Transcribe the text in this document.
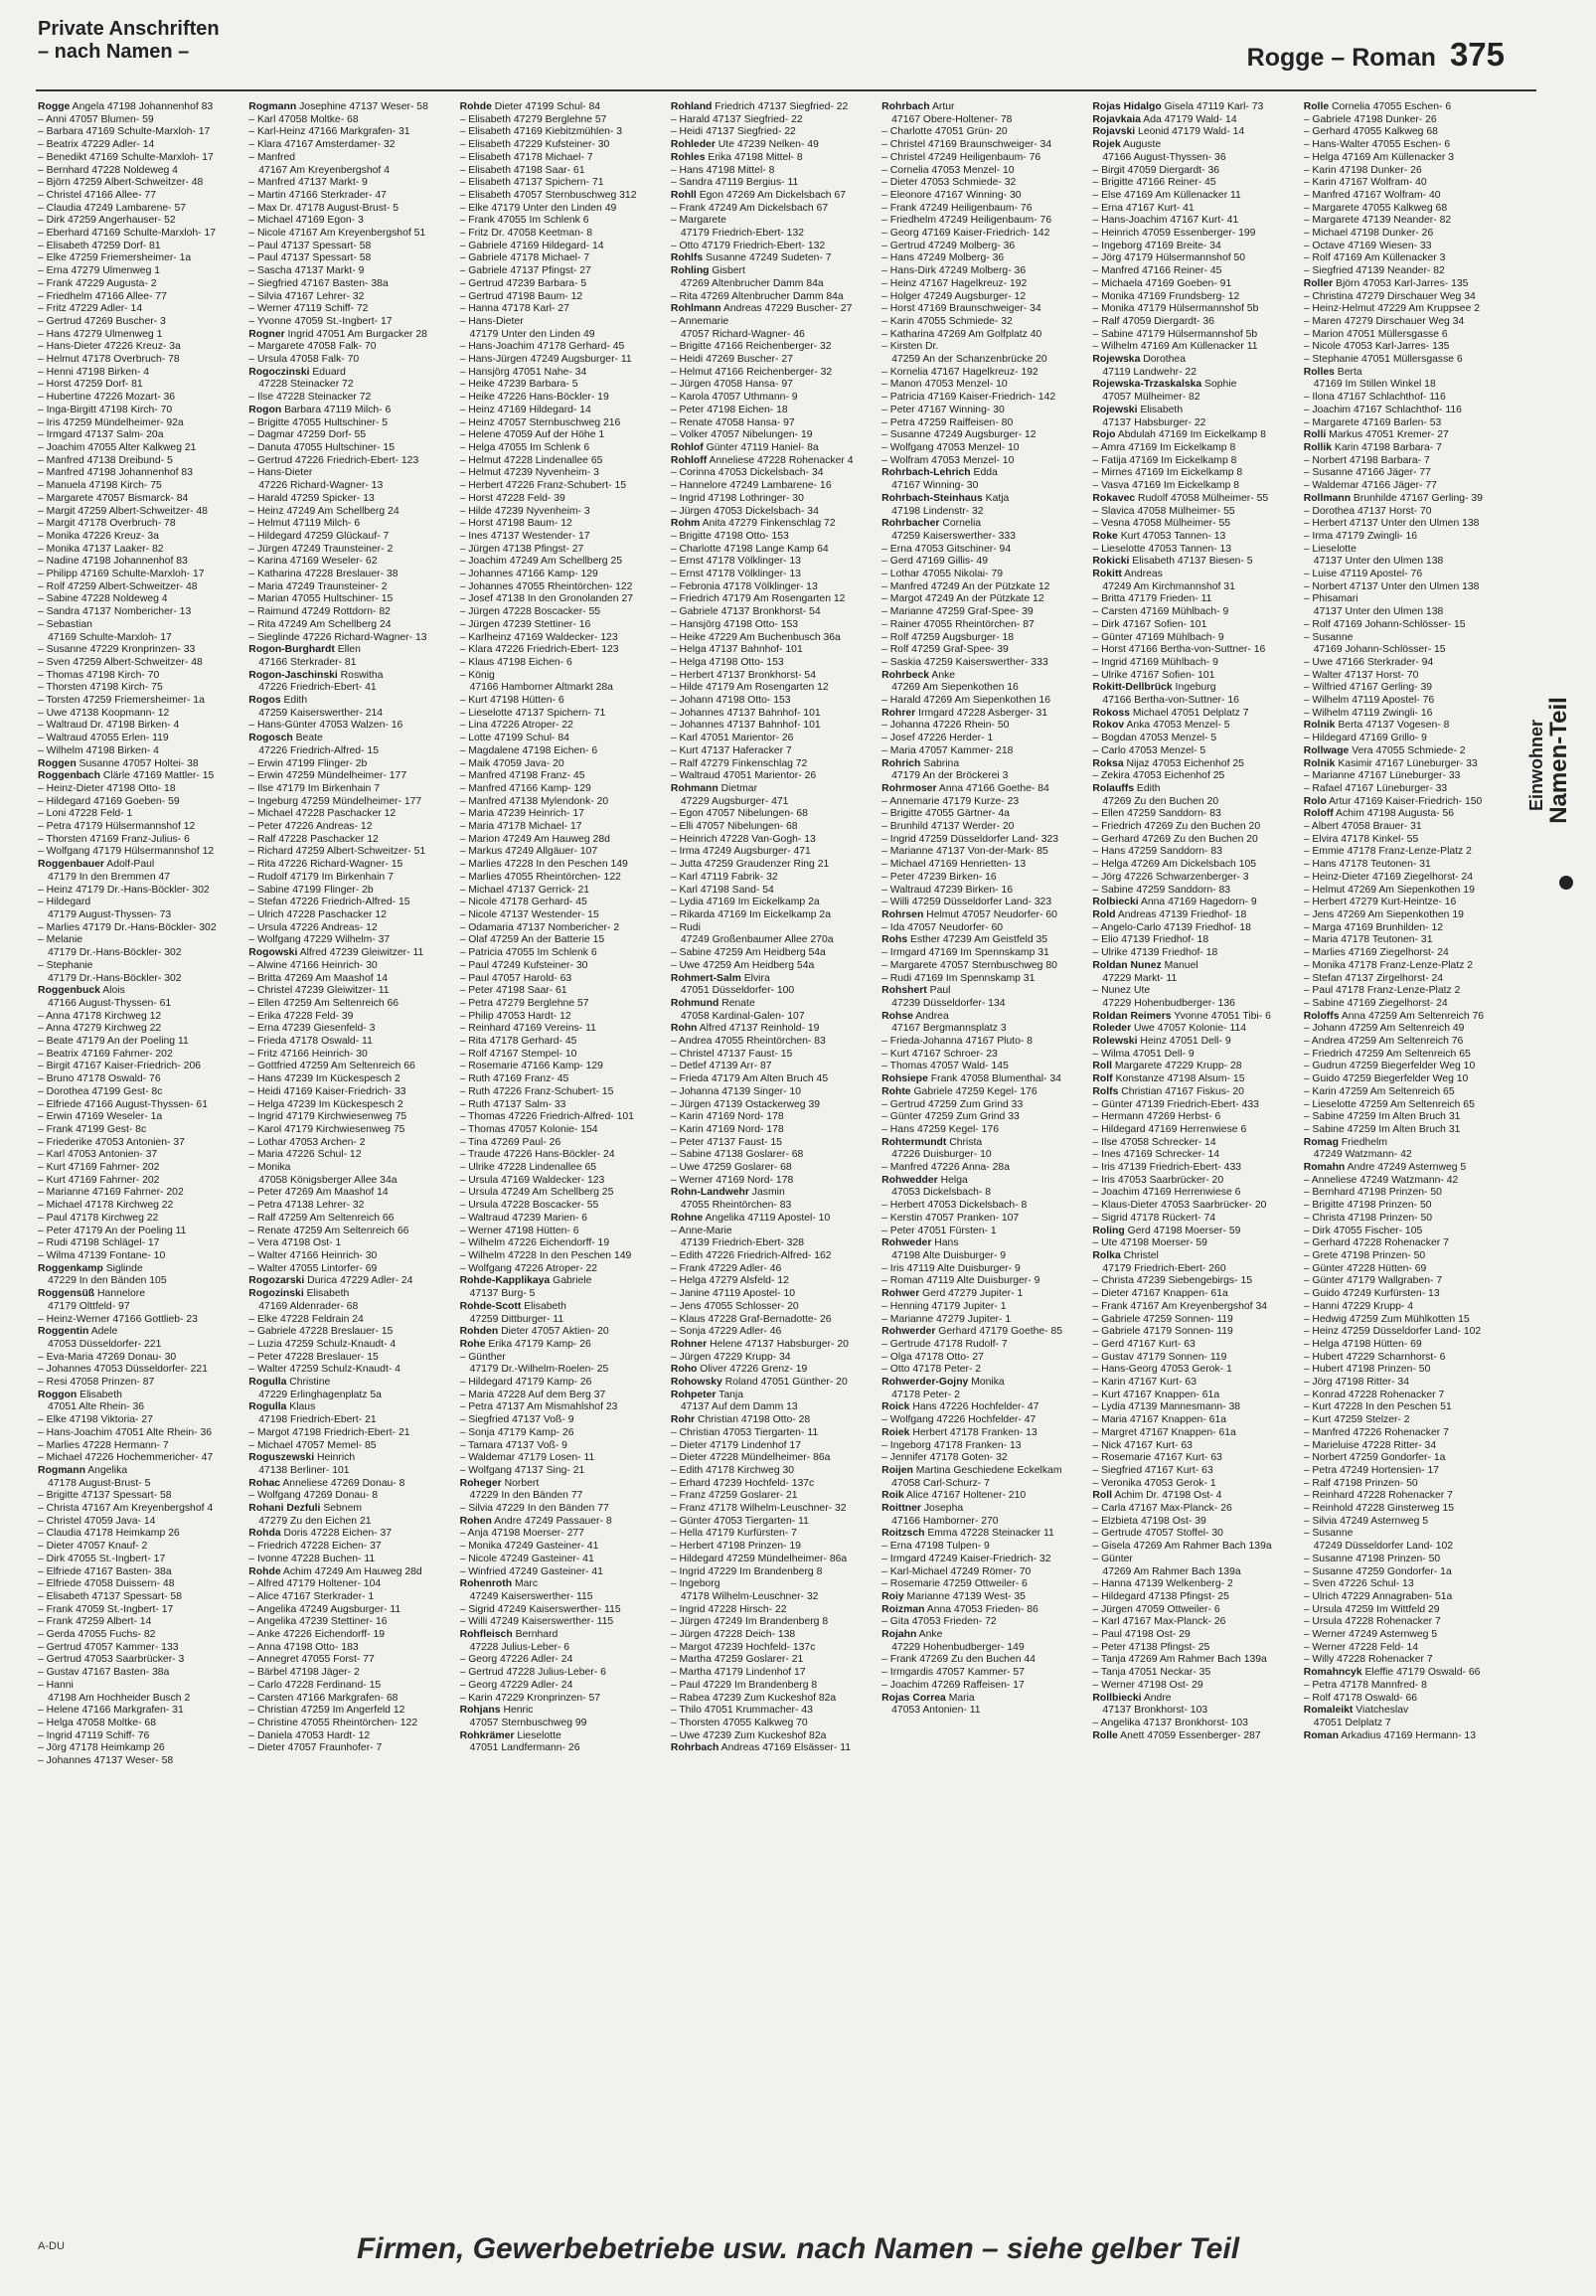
Private Anschriften
– nach Namen –	Rogge – Roman 375
Rogge Angela 47198 Johannenhof 83
– Anni 47057 Blumen- 59
– Barbara 47169 Schulte-Marxloh- 17
– Beatrix 47229 Adler- 14
– Benedikt 47169 Schulte-Marxloh- 17
– Bernhard 47228 Noldeweg 4
– Björn 47259 Albert-Schweitzer- 48
– Christel 47166 Allee- 77
– Claudia 47249 Lambarene- 57
– Dirk 47259 Angerhauser- 52
– Eberhard 47169 Schulte-Marxloh- 17
– Elisabeth 47259 Dorf- 81
– Elke 47259 Friemersheimer- 1a
– Erna 47279 Ulmenweg 1
– Frank 47229 Augusta- 2
– Friedhelm 47166 Allee- 77
– Fritz 47229 Adler- 14
– Gertrud 47269 Buscher- 3
– Hans 47279 Ulmenweg 1
– Hans-Dieter 47226 Kreuz- 3a
– Helmut 47178 Overbruch- 78
– Henni 47198 Birken- 4
– Horst 47259 Dorf- 81
– Hubertine 47226 Mozart- 36
– Inga-Birgitt 47198 Kirch- 70
– Iris 47259 Mündelheimer- 92a
– Irmgard 47137 Salm- 20a
– Joachim 47055 Alter Kalkweg 21
– Manfred 47138 Dreibund- 5
– Manfred 47198 Johannenhof 83
– Manuela 47198 Kirch- 75
– Margarete 47057 Bismarck- 84
– Margit 47259 Albert-Schweitzer- 48
– Margit 47178 Overbruch- 78
– Monika 47226 Kreuz- 3a
– Monika 47137 Laaker- 82
– Nadine 47198 Johannenhof 83
– Philipp 47169 Schulte-Marxloh- 17
– Rolf 47259 Albert-Schweitzer- 48
– Sabine 47228 Noldeweg 4
– Sandra 47137 Nombericher- 13
– Sebastian
47169 Schulte-Marxloh- 17
– Susanne 47229 Kronprinzen- 33
– Sven 47259 Albert-Schweitzer- 48
– Thomas 47198 Kirch- 70
– Thorsten 47198 Kirch- 75
– Torsten 47259 Friemersheimer- 1a
– Uwe 47138 Koopmann- 12
– Waltraud Dr. 47198 Birken- 4
– Waltraud 47055 Erlen- 119
– Wilhelm 47198 Birken- 4
Roggen Susanne 47057 Holtei- 38
Roggenbach Clärle 47169 Mattler- 15
– Heinz-Dieter 47198 Otto- 18
– Hildegard 47169 Goeben- 59
– Loni 47228 Feld- 1
– Petra 47179 Hülsermannshof 12
– Thorsten 47169 Franz-Julius- 6
– Wolfgang 47179 Hülsermannshof 12
Roggenbauer Adolf-Paul
47179 In den Bremmen 47
– Heinz 47179 Dr.-Hans-Böckler- 302
– Hildegard
47179 August-Thyssen- 73
– Marlies 47179 Dr.-Hans-Böckler- 302
– Melanie
47179 Dr.-Hans-Böckler- 302
– Stephanie
47179 Dr.-Hans-Böckler- 302
Roggenbuck Alois
47166 August-Thyssen- 61
– Anna 47178 Kirchweg 12
– Anna 47279 Kirchweg 22
– Beate 47179 An der Poeling 11
– Beatrix 47169 Fahrner- 202
– Birgit 47167 Kaiser-Friedrich- 206
– Bruno 47178 Oswald- 76
– Dorothea 47199 Gest- 8c
– Elfriede 47166 August-Thyssen- 61
– Erwin 47169 Weseler- 1a
– Frank 47199 Gest- 8c
– Friederike 47053 Antonien- 37
– Karl 47053 Antonien- 37
– Kurt 47169 Fahrner- 202
– Kurt 47169 Fahrner- 202
– Marianne 47169 Fahrner- 202
– Michael 47178 Kirchweg 22
– Paul 47178 Kirchweg 22
– Peter 47179 An der Poeling 11
– Rudi 47198 Schlägel- 17
– Wilma 47139 Fontane- 10
Roggenkamp Siglinde
47229 In den Bänden 105
Roggensüß Hannelore
47179 Olttfeld- 97
– Heinz-Werner 47166 Gottlieb- 23
Roggentin Adele
47053 Düsseldorfer- 221
– Eva-Maria 47269 Donau- 30
– Johannes 47053 Düsseldorfer- 221
– Resi 47058 Prinzen- 87
Roggon Elisabeth
47051 Alte Rhein- 36
– Elke 47198 Viktoria- 27
– Hans-Joachim 47051 Alte Rhein- 36
– Marlies 47228 Hermann- 7
– Michael 47226 Hochemmericher- 47
Rogmann Angelika
47178 August-Brust- 5
– Brigitte 47137 Spessart- 58
– Christa 47167 Am Kreyenbergshof 4
– Christel 47059 Java- 14
– Claudia 47178 Heimkamp 26
– Dieter 47057 Knauf- 2
– Dirk 47055 St.-Ingbert- 17
– Elfriede 47167 Basten- 38a
– Elfriede 47058 Duissern- 48
– Elisabeth 47137 Spessart- 58
– Frank 47059 St.-Ingbert- 17
– Frank 47259 Albert- 14
– Gerda 47055 Fuchs- 82
– Gertrud 47057 Kammer- 133
– Gertrud 47053 Saarbrücker- 3
– Gustav 47167 Basten- 38a
– Hanni
47198 Am Hochheider Busch 2
– Helene 47166 Markgrafen- 31
– Helga 47058 Moltke- 68
– Ingrid 47119 Schiff- 76
– Jörg 47178 Heimkamp 26
– Johannes 47137 Weser- 58
Rogmann Josephine 47137 Weser- 58
– Karl 47058 Moltke- 68
– Karl-Heinz 47166 Markgrafen- 31
– Klara 47167 Amsterdamer- 32
– Manfred
47167 Am Kreyenbergshof 4
– Manfred 47137 Markt- 9
– Martin 47166 Sterkrader- 47
– Max Dr. 47178 August-Brust- 5
– Michael 47169 Egon- 3
– Nicole 47167 Am Kreyenbergshof 51
– Paul 47137 Spessart- 58
– Paul 47137 Spessart- 58
– Sascha 47137 Markt- 9
– Siegfried 47167 Basten- 38a
– Silvia 47167 Lehrer- 32
– Werner 47119 Schiff- 72
– Yvonne 47059 St.-Ingbert- 17
Rogner Ingrid 47051 Am Burgacker 28
– Margarete 47058 Falk- 70
– Ursula 47058 Falk- 70
Rogoczinski Eduard
47228 Steinacker 72
– Ilse 47228 Steinacker 72
Rogon Barbara 47119 Milch- 6
– Brigitte 47055 Hultschiner- 5
– Dagmar 47259 Dorf- 55
– Danuta 47055 Hultschiner- 15
– Gertrud 47226 Friedrich-Ebert- 123
– Hans-Dieter
47226 Richard-Wagner- 13
– Harald 47259 Spicker- 13
– Heinz 47249 Am Schellberg 24
– Helmut 47119 Milch- 6
– Hildegard 47259 Glückauf- 7
– Jürgen 47249 Traunsteiner- 2
– Karina 47169 Weseler- 62
– Katharina 47228 Breslauer- 38
– Maria 47249 Traunsteiner- 2
– Marian 47055 Hultschiner- 15
– Raimund 47249 Rottdorn- 82
– Rita 47249 Am Schellberg 24
– Sieglinde 47226 Richard-Wagner- 13
Rogon-Burghardt Ellen
47166 Sterkrader- 81
Rogon-Jaschinski Roswitha
47226 Friedrich-Ebert- 41
Rogos Edith
47259 Kaiserswerther- 214
– Hans-Günter 47053 Walzen- 16
Rogosch Beate
47226 Friedrich-Alfred- 15
– Erwin 47199 Flinger- 2b
– Erwin 47259 Mündelheimer- 177
– Ilse 47179 Im Birkenhain 7
– Ingeburg 47259 Mündelheimer- 177
– Michael 47228 Paschacker 12
– Peter 47226 Andreas- 12
– Ralf 47228 Paschacker 12
– Richard 47259 Albert-Schweitzer- 51
– Rita 47226 Richard-Wagner- 15
– Rudolf 47179 Im Birkenhain 7
– Sabine 47199 Flinger- 2b
– Stefan 47226 Friedrich-Alfred- 15
– Ulrich 47228 Paschacker 12
– Ursula 47226 Andreas- 12
– Wolfgang 47229 Wilhelm- 37
Rogowski Alfred 47239 Gleiwitzer- 11
– Alwine 47166 Heinrich- 30
– Britta 47269 Am Maashof 14
– Christel 47239 Gleiwitzer- 11
– Ellen 47259 Am Seltenreich 66
– Erika 47228 Feld- 39
– Erna 47239 Giesenfeld- 3
– Frieda 47178 Oswald- 11
– Fritz 47166 Heinrich- 30
– Gottfried 47259 Am Seltenreich 66
– Hans 47239 Im Kückespesch 2
– Heidi 47169 Kaiser-Friedrich- 33
– Helga 47239 Im Kückespesch 2
– Ingrid 47179 Kirchwiesenweg 75
– Karol 47179 Kirchwiesenweg 75
– Lothar 47053 Archen- 2
– Maria 47226 Schul- 12
– Monika
47058 Königsberger Allee 34a
– Peter 47269 Am Maashof 14
– Petra 47138 Lehrer- 32
– Ralf 47259 Am Seltenreich 66
– Renate 47259 Am Seltenreich 66
– Vera 47198 Ost- 1
– Walter 47166 Heinrich- 30
– Walter 47055 Lintorfer- 69
Rogozarski Durica 47229 Adler- 24
Rogozinski Elisabeth
47169 Aldenrader- 68
– Elke 47228 Feldrain 24
– Gabriele 47228 Breslauer- 15
– Luzia 47259 Schulz-Knaudt- 4
– Peter 47228 Breslauer- 15
– Walter 47259 Schulz-Knaudt- 4
Rogulla Christine
47229 Erlinghagenplatz 5a
Rogulla Klaus
47198 Friedrich-Ebert- 21
– Margot 47198 Friedrich-Ebert- 21
– Michael 47057 Memel- 85
Roguszewski Heinrich
47138 Berliner- 101
Rohac Anneliese 47269 Donau- 8
– Wolfgang 47269 Donau- 8
Rohani Dezfuli Sebnem
47279 Zu den Eichen 21
Rohda Doris 47228 Eichen- 37
– Friedrich 47228 Eichen- 37
– Ivonne 47228 Buchen- 11
Rohde Achim 47249 Am Hauweg 28d
– Alfred 47179 Holtener- 104
– Alice 47167 Sterkrader- 1
– Angelika 47249 Augsburger- 11
– Angelika 47239 Stettiner- 16
– Anke 47226 Eichendorff- 19
– Anna 47198 Otto- 183
– Annegret 47055 Forst- 77
– Bärbel 47198 Jäger- 2
– Carlo 47228 Ferdinand- 15
– Carsten 47166 Markgrafen- 68
– Christian 47259 Im Angerfeld 12
– Christine 47055 Rheintörchen- 122
– Daniela 47053 Hardt- 12
– Dieter 47057 Fraunhofer- 7
Rohde Dieter 47199 Schul- 84
– Elisabeth 47279 Berglehne 57
– Elisabeth 47169 Kiebitzmühlen- 3
– Elisabeth 47229 Kufsteiner- 30
– Elisabeth 47178 Michael- 7
– Elisabeth 47198 Saar- 61
– Elisabeth 47137 Spichern- 71
– Elisabeth 47057 Sternbuschweg 312
– Elke 47179 Unter den Linden 49
– Frank 47055 Im Schlenk 6
– Fritz Dr. 47058 Keetman- 8
– Gabriele 47169 Hildegard- 14
– Gabriele 47178 Michael- 7
– Gabriele 47137 Pfingst- 27
– Gertrud 47239 Barbara- 5
– Gertrud 47198 Baum- 12
– Hanna 47178 Karl- 27
– Hans-Dieter
47179 Unter den Linden 49
– Hans-Joachim 47178 Gerhard- 45
– Hans-Jürgen 47249 Augsburger- 11
– Hansjörg 47051 Nahe- 34
– Heike 47239 Barbara- 5
– Heike 47226 Hans-Böckler- 19
– Heinz 47169 Hildegard- 14
– Heinz 47057 Sternbuschweg 216
– Helene 47059 Auf der Höhe 1
– Helga 47055 Im Schlenk 6
– Helmut 47228 Lindenallee 65
– Helmut 47239 Nyvenheim- 3
– Herbert 47226 Franz-Schubert- 15
– Horst 47228 Feld- 39
– Hilde 47239 Nyvenheim- 3
– Horst 47198 Baum- 12
– Ines 47137 Westender- 17
– Jürgen 47138 Pfingst- 27
– Joachim 47249 Am Schellberg 25
– Johannes 47166 Kamp- 129
– Johannes 47055 Rheintörchen- 122
– Josef 47138 In den Gronolanden 27
– Jürgen 47228 Boscacker- 55
– Jürgen 47239 Stettiner- 16
– Karlheinz 47169 Waldecker- 123
– Klara 47226 Friedrich-Ebert- 123
– Klaus 47198 Eichen- 6
– König
47166 Hamborner Altmarkt 28a
– Kurt 47198 Hütten- 6
– Lieselotte 47137 Spichern- 71
– Lina 47226 Atroper- 22
– Lotte 47199 Schul- 84
– Magdalene 47198 Eichen- 6
– Maik 47059 Java- 20
– Manfred 47198 Franz- 45
– Manfred 47166 Kamp- 129
– Manfred 47138 Mylendonk- 20
– Maria 47239 Heinrich- 17
– Maria 47178 Michael- 17
– Marion 47249 Am Hauweg 28d
– Markus 47249 Allgäuer- 107
– Marlies 47228 In den Peschen 149
– Marlies 47055 Rheintörchen- 122
– Michael 47137 Gerrick- 21
– Nicole 47178 Gerhard- 45
– Nicole 47137 Westender- 15
– Odamaria 47137 Nombericher- 2
– Olaf 47259 An der Batterie 15
– Patricia 47055 Im Schlenk 6
– Paul 47249 Kufsteiner- 30
– Paul 47057 Harold- 63
– Peter 47198 Saar- 61
– Petra 47279 Berglehne 57
– Philip 47053 Hardt- 12
– Reinhard 47169 Vereins- 11
– Rita 47178 Gerhard- 45
– Rolf 47167 Stempel- 10
– Rosemarie 47166 Kamp- 129
– Ruth 47169 Franz- 45
– Ruth 47226 Franz-Schubert- 15
– Ruth 47137 Salm- 33
– Thomas 47226 Friedrich-Alfred- 101
– Thomas 47057 Kolonie- 154
– Tina 47269 Paul- 26
– Traude 47226 Hans-Böckler- 24
– Ulrike 47228 Lindenallee 65
– Ursula 47169 Waldecker- 123
– Ursula 47249 Am Schellberg 25
– Ursula 47228 Boscacker- 55
– Waltraud 47239 Marien- 6
– Werner 47198 Hütten- 6
– Wilhelm 47226 Eichendorff- 19
– Wilhelm 47228 In den Peschen 149
– Wolfgang 47226 Atroper- 22
Rohde-Kapplikaya Gabriele
47137 Burg- 5
Rohde-Scott Elisabeth
47259 Dittburger- 11
Rohden Dieter 47057 Aktien- 20
Rohe Erika 47179 Kamp- 26
– Günther
47179 Dr.-Wilhelm-Roelen- 25
– Hildegard 47179 Kamp- 26
– Maria 47228 Auf dem Berg 37
– Petra 47137 Am Mismahlshof 23
– Siegfried 47137 Voß- 9
– Sonja 47179 Kamp- 26
– Tamara 47137 Voß- 9
– Waldemar 47179 Losen- 11
– Wolfgang 47137 Sing- 21
Roheger Norbert
47229 In den Bänden 77
– Silvia 47229 In den Bänden 77
Rohen Andre 47249 Passauer- 8
– Anja 47198 Moerser- 277
– Monika 47249 Gasteiner- 41
– Nicole 47249 Gasteiner- 41
– Winfried 47249 Gasteiner- 41
Rohenroth Marc
47249 Kaiserswerther- 115
– Sigrid 47249 Kaiserswerther- 115
– Willi 47249 Kaiserswerther- 115
Rohfleisch Bernhard
47228 Julius-Leber- 6
– Georg 47226 Adler- 24
– Gertrud 47228 Julius-Leber- 6
– Georg 47229 Adler- 24
– Karin 47229 Kronprinzen- 57
Rohjans Henric
47057 Sternbuschweg 99
Rohkrämer Lieselotte
47051 Landfermann- 26
Rohland Friedrich 47137 Siegfried- 22
– Harald 47137 Siegfried- 22
– Heidi 47137 Siegfried- 22
Rohleder Ute 47239 Nelken- 49
Rohles Erika 47198 Mittel- 8
– Hans 47198 Mittel- 8
– Sandra 47119 Bergius- 11
Rohll Egon 47269 Am Dickelsbach 67
– Frank 47249 Am Dickelsbach 67
– Margarete
47179 Friedrich-Ebert- 132
– Otto 47179 Friedrich-Ebert- 132
Rohlfs Susanne 47249 Sudeten- 7
Rohling Gisbert
47269 Altenbrucher Damm 84a
– Rita 47269 Altenbrucher Damm 84a
Rohlmann Andreas 47229 Buscher- 27
– Annemarie
47057 Richard-Wagner- 46
– Brigitte 47166 Reichenberger- 32
– Heidi 47269 Buscher- 27
– Helmut 47166 Reichenberger- 32
– Jürgen 47058 Hansa- 97
– Karola 47057 Uthmann- 9
– Peter 47198 Eichen- 18
– Renate 47058 Hansa- 97
– Volker 47057 Nibelungen- 19
Rohlof Günter 47119 Haniel- 8a
Rohloff Anneliese 47228 Rohenacker 4
– Corinna 47053 Dickelsbach- 34
– Hannelore 47249 Lambarene- 16
– Ingrid 47198 Lothringer- 30
– Jürgen 47053 Dickelsbach- 34
Rohm Anita 47279 Finkenschlag 72
– Brigitte 47198 Otto- 153
– Charlotte 47198 Lange Kamp 64
– Ernst 47178 Völklinger- 13
– Ernst 47178 Völklinger- 13
– Febronia 47178 Völklinger- 13
– Friedrich 47179 Am Rosengarten 12
– Gabriele 47137 Bronkhorst- 54
– Hansjörg 47198 Otto- 153
– Heike 47229 Am Buchenbusch 36a
– Helga 47137 Bahnhof- 101
– Helga 47198 Otto- 153
– Herbert 47137 Bronkhorst- 54
– Hilde 47179 Am Rosengarten 12
– Johann 47198 Otto- 153
– Johannes 47137 Bahnhof- 101
– Johannes 47137 Bahnhof- 101
– Karl 47051 Marientor- 26
– Kurt 47137 Haferacker 7
– Ralf 47279 Finkenschlag 72
– Waltraud 47051 Marientor- 26
Rohmann Dietmar
47229 Augsburger- 471
– Egon 47057 Nibelungen- 68
– Elli 47057 Nibelungen- 68
– Heinrich 47228 Van-Gogh- 13
– Irma 47249 Augsburger- 471
– Jutta 47259 Graudenzer Ring 21
– Karl 47119 Fabrik- 32
– Karl 47198 Sand- 54
– Lydia 47169 Im Eickelkamp 2a
– Rikarda 47169 Im Eickelkamp 2a
– Rudi
47249 Großenbaumer Allee 270a
– Sabine 47259 Am Heidberg 54a
– Uwe 47259 Am Heidberg 54a
Rohmert-Salm Elvira
47051 Düsseldorfer- 100
Rohmund Renate
47058 Kardinal-Galen- 107
Rohn Alfred 47137 Reinhold- 19
– Andrea 47055 Rheintörchen- 83
– Christel 47137 Faust- 15
– Detlef 47139 Arr- 87
– Frieda 47179 Am Alten Bruch 45
– Johanna 47139 Singer- 10
– Jürgen 47139 Ostackerweg 39
– Karin 47169 Nord- 178
– Karin 47169 Nord- 178
– Peter 47137 Faust- 15
– Sabine 47138 Goslarer- 68
– Uwe 47259 Goslarer- 68
– Werner 47169 Nord- 178
Rohn-Landwehr Jasmin
47055 Rheintörchen- 83
Rohne Angelika 47119 Apostel- 10
– Anne-Marie
47139 Friedrich-Ebert- 328
– Edith 47226 Friedrich-Alfred- 162
– Frank 47229 Adler- 46
– Helga 47279 Alsfeld- 12
– Janine 47119 Apostel- 10
– Jens 47055 Schlosser- 20
– Klaus 47228 Graf-Bernadotte- 26
– Sonja 47229 Adler- 46
Rohner Helene 47137 Habsburger- 20
– Jürgen 47229 Krupp- 34
Roho Oliver 47226 Grenz- 19
Rohowsky Roland 47051 Günther- 20
Rohpeter Tanja
47137 Auf dem Damm 13
Rohr Christian 47198 Otto- 28
– Christian 47053 Tiergarten- 11
– Dieter 47179 Lindenhof 17
– Dieter 47228 Mündelheimer- 86a
– Edith 47178 Kirchweg 30
– Erhard 47239 Hochfeld- 137c
– Franz 47259 Goslarer- 21
– Franz 47178 Wilhelm-Leuschner- 32
– Günter 47053 Tiergarten- 11
– Hella 47179 Kurfürsten- 7
– Herbert 47198 Prinzen- 19
– Hildegard 47259 Mündelheimer- 86a
– Ingrid 47229 Im Brandenberg 8
– Ingeborg
47178 Wilhelm-Leuschner- 32
– Ingrid 47228 Hirsch- 22
– Jürgen 47249 Im Brandenberg 8
– Jürgen 47228 Deich- 138
– Margot 47239 Hochfeld- 137c
– Martha 47259 Goslarer- 21
– Martha 47179 Lindenhof 17
– Paul 47229 Im Brandenberg 8
– Rabea 47239 Zum Kuckeshof 82a
– Thilo 47051 Krummacher- 43
– Thorsten 47055 Kalkweg 70
– Uwe 47239 Zum Kuckeshof 82a
Rohrbach Andreas 47169 Elsässer- 11
Rohrbach Artur
47167 Obere-Holtener- 78
– Charlotte 47051 Grün- 20
– Christel 47169 Braunschweiger- 34
– Christel 47249 Heiligenbaum- 76
– Cornelia 47053 Menzel- 10
– Dieter 47053 Schmiede- 32
– Eleonore 47167 Winning- 30
– Frank 47249 Heiligenbaum- 76
– Friedhelm 47249 Heiligenbaum- 76
– Georg 47169 Kaiser-Friedrich- 142
– Gertrud 47249 Molberg- 36
– Hans 47249 Molberg- 36
– Hans-Dirk 47249 Molberg- 36
– Heinz 47167 Hagelkreuz- 192
– Holger 47249 Augsburger- 12
– Horst 47169 Braunschweiger- 34
– Karin 47055 Schmiede- 32
– Katharina 47269 Am Golfplatz 40
– Kirsten Dr.
47259 An der Schanzenbrücke 20
– Kornelia 47167 Hagelkreuz- 192
– Manon 47053 Menzel- 10
– Patricia 47169 Kaiser-Friedrich- 142
– Peter 47167 Winning- 30
– Petra 47259 Raiffeisen- 80
– Susanne 47249 Augsburger- 12
– Wolfgang 47053 Menzel- 10
– Wolfram 47053 Menzel- 10
Rohrbach-Lehrich Edda
47167 Winning- 30
Rohrbach-Steinhaus Katja
47198 Lindenstr- 32
Rohrbacher Cornelia
47259 Kaiserswerther- 333
– Erna 47053 Gitschiner- 94
– Gerd 47169 Gillis- 49
– Lothar 47055 Nikolai- 79
– Manfred 47249 An der Pützkate 12
– Margot 47249 An der Pützkate 12
– Marianne 47259 Graf-Spee- 39
– Rainer 47055 Rheintörchen- 87
– Rolf 47259 Augsburger- 18
– Rolf 47259 Graf-Spee- 39
– Saskia 47259 Kaiserswerther- 333
Rohrbeck Anke
47269 Am Siepenkothen 16
– Harald 47269 Am Siepenkothen 16
Rohrer Irmgard 47228 Asberger- 31
– Johanna 47226 Rhein- 50
– Josef 47226 Herder- 1
– Maria 47057 Kammer- 218
Rohrich Sabrina
47179 An der Bröckerei 3
Rohrmoser Anna 47166 Goethe- 84
– Annemarie 47179 Kurze- 23
– Brigitte 47055 Gärtner- 4a
– Brunhild 47137 Werder- 20
– Ingrid 47259 Düsseldorfer Land- 323
– Marianne 47137 Von-der-Mark- 85
– Michael 47169 Henrietten- 13
– Peter 47239 Birken- 16
– Waltraud 47239 Birken- 16
– Willi 47259 Düsseldorfer Land- 323
Rohrsen Helmut 47057 Neudorfer- 60
– Ida 47057 Neudorfer- 60
Rohs Esther 47239 Am Geistfeld 35
– Irmgard 47169 Im Spennskamp 31
– Margarete 47057 Sternbuschweg 80
– Rudi 47169 Im Spennskamp 31
Rohshert Paul
47239 Düsseldorfer- 134
Rohse Andrea
47167 Bergmannsplatz 3
– Frieda-Johanna 47167 Pluto- 8
– Kurt 47167 Schroer- 23
– Thomas 47057 Wald- 145
Rohsiepe Frank 47058 Blumenthal- 34
Rohte Gabriele 47259 Kegel- 176
– Gertrud 47259 Zum Grind 33
– Günter 47259 Zum Grind 33
– Hans 47259 Kegel- 176
Rohtermundt Christa
47226 Duisburger- 10
– Manfred 47226 Anna- 28a
Rohwedder Helga
47053 Dickelsbach- 8
– Herbert 47053 Dickelsbach- 8
– Kerstin 47057 Pranken- 107
– Peter 47051 Fürsten- 1
Rohweder Hans
47198 Alte Duisburger- 9
– Iris 47119 Alte Duisburger- 9
– Roman 47119 Alte Duisburger- 9
Rohwer Gerd 47279 Jupiter- 1
– Henning 47179 Jupiter- 1
– Marianne 47279 Jupiter- 1
Rohwerder Gerhard 47179 Goethe- 85
– Gertrude 47178 Rudolf- 7
– Olga 47178 Otto- 27
– Otto 47178 Peter- 2
Rohwerder-Gojny Monika
47178 Peter- 2
Roick Hans 47226 Hochfelder- 47
– Wolfgang 47226 Hochfelder- 47
Roiek Herbert 47178 Franken- 13
– Ingeborg 47178 Franken- 13
– Jennifer 47178 Goten- 32
Roijen Martina Geschiedene Eckelkam
47058 Carl-Schurz- 7
Roik Alice 47167 Holtener- 210
Roittner Josepha
47166 Hamborner- 270
Roitzsch Emma 47228 Steinacker 11
– Erna 47198 Tulpen- 9
– Irmgard 47249 Kaiser-Friedrich- 32
– Karl-Michael 47249 Römer- 70
– Rosemarie 47259 Ottweiler- 6
Roiy Marianne 47139 West- 35
Roizman Anna 47053 Frieden- 86
– Gita 47053 Frieden- 72
Rojahn Anke
47229 Hohenbudberger- 149
– Frank 47269 Zu den Buchen 44
– Irmgardis 47057 Kammer- 57
– Joachim 47269 Raffeisen- 17
Rojas Correa Maria
47053 Antonien- 11
Rojas Hidalgo Gisela 47119 Karl- 73
Rojavkaia Ada 47179 Wald- 14
Rojavski Leonid 47179 Wald- 14
Rojek Auguste
47166 August-Thyssen- 36
– Birgit 47059 Diergardt- 36
– Brigitte 47166 Reiner- 45
– Else 47169 Am Küllenacker 11
– Erna 47167 Kurt- 41
– Hans-Joachim 47167 Kurt- 41
– Heinrich 47059 Essenberger- 199
– Ingeborg 47169 Breite- 34
– Jörg 47179 Hülsermannshof 50
– Manfred 47166 Reiner- 45
– Michaela 47169 Goeben- 91
– Monika 47169 Frundsberg- 12
– Monika 47179 Hülsermannshof 5b
– Ralf 47059 Diergardt- 36
– Sabine 47179 Hülsermannshof 5b
– Wilhelm 47169 Am Küllenacker 11
Rojewska Dorothea
47119 Landwehr- 22
Rojewska-Trzaskalska Sophie
47057 Mülheimer- 82
Rojewski Elisabeth
47137 Habsburger- 22
Rojo Abdulah 47169 Im Eickelkamp 8
– Amra 47169 Im Eickelkamp 8
– Fatija 47169 Im Eickelkamp 8
– Mirnes 47169 Im Eickelkamp 8
– Vasva 47169 Im Eickelkamp 8
Rokavec Rudolf 47058 Mülheimer- 55
– Slavica 47058 Mülheimer- 55
– Vesna 47058 Mülheimer- 55
Roke Kurt 47053 Tannen- 13
– Lieselotte 47053 Tannen- 13
Rokicki Elisabeth 47137 Biesen- 5
Rokitt Andreas
47249 Am Kirchmannshof 31
– Britta 47179 Frieden- 11
– Carsten 47169 Mühlbach- 9
– Dirk 47167 Sofien- 101
– Günter 47169 Mühlbach- 9
– Horst 47166 Bertha-von-Suttner- 16
– Ingrid 47169 Mühlbach- 9
– Ulrike 47167 Sofien- 101
Rokitt-Dellbrück Ingeburg
47166 Bertha-von-Suttner- 16
Rokoss Michael 47051 Delplatz 7
Rokov Anka 47053 Menzel- 5
– Bogdan 47053 Menzel- 5
– Carlo 47053 Menzel- 5
Roksa Nijaz 47053 Eichenhof 25
– Zekira 47053 Eichenhof 25
Rolauffs Edith
47269 Zu den Buchen 20
– Ellen 47259 Sanddorn- 83
– Friedrich 47269 Zu den Buchen 20
– Gerhard 47269 Zu den Buchen 20
– Hans 47259 Sanddorn- 83
– Helga 47269 Am Dickelsbach 105
– Jörg 47226 Schwarzenberger- 3
– Sabine 47259 Sanddorn- 83
Rolbiecki Anna 47169 Hagedorn- 9
Rold Andreas 47139 Friedhof- 18
– Angelo-Carlo 47139 Friedhof- 18
– Elio 47139 Friedhof- 18
– Ulrike 47139 Friedhof- 18
Roldan Nunez Manuel
47229 Markt- 11
– Nunez Ute
47229 Hohenbudberger- 136
Roldan Reimers Yvonne 47051 Tibi- 6
Roleder Uwe 47057 Kolonie- 114
Rolewski Heinz 47051 Dell- 9
– Wilma 47051 Dell- 9
Roll Margarete 47229 Krupp- 28
Rolf Konstanze 47198 Alsum- 15
Rolfs Christian 47167 Fiskus- 20
– Günter 47139 Friedrich-Ebert- 433
– Hermann 47269 Herbst- 6
– Hildegard 47169 Herrenwiese 6
– Ilse 47058 Schrecker- 14
– Ines 47169 Schrecker- 14
– Iris 47139 Friedrich-Ebert- 433
– Iris 47053 Saarbrücker- 20
– Joachim 47169 Herrenwiese 6
– Klaus-Dieter 47053 Saarbrücker- 20
– Sigrid 47178 Rückert- 74
Roling Gerd 47198 Moerser- 59
– Ute 47198 Moerser- 59
Rolka Christel
47179 Friedrich-Ebert- 260
– Christa 47239 Siebengebirgs- 15
– Dieter 47167 Knappen- 61a
– Frank 47167 Am Kreyenbergshof 34
– Gabriele 47259 Sonnen- 119
– Gabriele 47179 Sonnen- 119
– Gerd 47167 Kurt- 63
– Gustav 47179 Sonnen- 119
– Hans-Georg 47053 Gerok- 1
– Karin 47167 Kurt- 63
– Kurt 47167 Knappen- 61a
– Lydia 47139 Mannesmann- 38
– Maria 47167 Knappen- 61a
– Margret 47167 Knappen- 61a
– Nick 47167 Kurt- 63
– Rosemarie 47167 Kurt- 63
– Siegfried 47167 Kurt- 63
– Veronika 47053 Gerok- 1
Roll Achim Dr. 47198 Ost- 4
– Carla 47167 Max-Planck- 26
– Elzbieta 47198 Ost- 39
– Gertrude 47057 Stoffel- 30
– Gisela 47269 Am Rahmer Bach 139a
– Günter
47269 Am Rahmer Bach 139a
– Hanna 47139 Welkenberg- 2
– Hildegard 47138 Pfingst- 25
– Jürgen 47059 Ottweiler- 6
– Karl 47167 Max-Planck- 26
– Paul 47198 Ost- 29
– Peter 47138 Pfingst- 25
– Tanja 47269 Am Rahmer Bach 139a
– Tanja 47051 Neckar- 35
– Werner 47198 Ost- 29
Rollbiecki Andre
47137 Bronkhorst- 103
– Angelika 47137 Bronkhorst- 103
Rolle Anett 47059 Essenberger- 287
Rolle Cornelia 47055 Eschen- 6
– Gabriele 47198 Dunker- 26
– Gerhard 47055 Kalkweg 68
– Hans-Walter 47055 Eschen- 6
– Helga 47169 Am Küllenacker 3
– Karin 47198 Dunker- 26
– Karin 47167 Wolfram- 40
– Manfred 47167 Wolfram- 40
– Margarete 47055 Kalkweg 68
– Margarete 47139 Neander- 82
– Michael 47198 Dunker- 26
– Octave 47169 Wiesen- 33
– Rolf 47169 Am Küllenacker 3
– Siegfried 47139 Neander- 82
Roller Björn 47053 Karl-Jarres- 135
– Christina 47279 Dirschauer Weg 34
– Heinz-Helmut 47229 Am Kruppsee 2
– Maren 47279 Dirschauer Weg 34
– Marion 47051 Müllersgasse 6
– Nicole 47053 Karl-Jarres- 135
– Stephanie 47051 Müllersgasse 6
Rolles Berta
47169 Im Stillen Winkel 18
– Ilona 47167 Schlachthof- 116
– Joachim 47167 Schlachthof- 116
– Margarete 47169 Barlen- 53
Rolli Markus 47051 Kremer- 27
Rollik Karin 47198 Barbara- 7
– Norbert 47198 Barbara- 7
– Susanne 47166 Jäger- 77
– Waldemar 47166 Jäger- 77
Rollmann Brunhilde 47167 Gerling- 39
– Dorothea 47137 Horst- 70
– Herbert 47137 Unter den Ulmen 138
– Irma 47179 Zwingli- 16
– Lieselotte
47137 Unter den Ulmen 138
– Luise 47119 Apostel- 76
– Norbert 47137 Unter den Ulmen 138
– Phisamari
47137 Unter den Ulmen 138
– Rolf 47169 Johann-Schlösser- 15
– Susanne
47169 Johann-Schlösser- 15
– Uwe 47166 Sterkrader- 94
– Walter 47137 Horst- 70
– Wilfried 47167 Gerling- 39
– Wilhelm 47119 Apostel- 76
– Wilhelm 47119 Zwingli- 16
Rolnik Berta 47137 Vogesen- 8
– Hildegard 47169 Grillo- 9
Rollwage Vera 47055 Schmiede- 2
Rolnik Kasimir 47167 Lüneburger- 33
– Marianne 47167 Lüneburger- 33
– Rafael 47167 Lüneburger- 33
Rolo Artur 47169 Kaiser-Friedrich- 150
Roloff Achim 47198 Augusta- 56
– Albert 47058 Brauer- 31
– Elvira 47178 Kinkel- 55
– Emmie 47178 Franz-Lenze-Platz 2
– Hans 47178 Teutonen- 31
– Heinz-Dieter 47169 Ziegelhorst- 24
– Helmut 47269 Am Siepenkothen 19
– Herbert 47279 Kurt-Heintze- 16
– Jens 47269 Am Siepenkothen 19
– Marga 47169 Brunhilden- 12
– Maria 47178 Teutonen- 31
– Marlies 47169 Ziegelhorst- 24
– Monika 47178 Franz-Lenze-Platz 2
– Stefan 47137 Zirgelhorst- 24
– Paul 47178 Franz-Lenze-Platz 2
– Sabine 47169 Ziegelhorst- 24
Roloffs Anna 47259 Am Seltenreich 76
– Johann 47259 Am Seltenreich 49
– Andrea 47259 Am Seltenreich 76
– Friedrich 47259 Am Seltenreich 65
– Gudrun 47259 Biegerfelder Weg 10
– Guido 47259 Biegerfelder Weg 10
– Karin 47259 Am Seltenreich 65
– Lieselotte 47259 Am Seltenreich 65
– Sabine 47259 Im Alten Bruch 31
– Sabine 47259 Im Alten Bruch 31
Romag Friedhelm
47249 Watzmann- 42
Romahn Andre 47249 Asternweg 5
– Anneliese 47249 Watzmann- 42
– Bernhard 47198 Prinzen- 50
– Brigitte 47198 Prinzen- 50
– Christa 47198 Prinzen- 50
– Dirk 47055 Fischer- 105
– Gerhard 47228 Rohenacker 7
– Grete 47198 Prinzen- 50
– Günter 47228 Hütten- 69
– Günter 47179 Wallgraben- 7
– Guido 47249 Kurfürsten- 13
– Hanni 47229 Krupp- 4
– Hedwig 47259 Zum Mühlkotten 15
– Heinz 47259 Düsseldorfer Land- 102
– Helga 47198 Hütten- 69
– Hubert 47229 Scharnhorst- 6
– Hubert 47198 Prinzen- 50
– Jörg 47198 Ritter- 34
– Konrad 47228 Rohenacker 7
– Kurt 47228 In den Peschen 51
– Kurt 47259 Stelzer- 2
– Manfred 47226 Rohenacker 7
– Marieluise 47228 Ritter- 34
– Norbert 47259 Gondorfer- 1a
– Petra 47249 Hortensien- 17
– Ralf 47198 Prinzen- 50
– Reinhard 47228 Rohenacker 7
– Reinhold 47228 Ginsterweg 15
– Silvia 47249 Asternweg 5
– Susanne
47249 Düsseldorfer Land- 102
– Susanne 47198 Prinzen- 50
– Susanne 47259 Gondorfer- 1a
– Sven 47226 Schul- 13
– Ulrich 47229 Annagraben- 51a
– Ursula 47259 Im Wittfeld 29
– Ursula 47228 Rohenacker 7
– Werner 47249 Asternweg 5
– Werner 47228 Feld- 14
– Willy 47228 Rohenacker 7
Romahncyk Eleffie 47179 Oswald- 66
– Petra 47178 Mannfred- 8
– Rolf 47178 Oswald- 66
Romaleikt Viatcheslav
47051 Delplatz 7
Roman Arkadius 47169 Hermann- 13
Einwohner Namen-Teil
A-DU	Firmen, Gewerbebetriebe usw. nach Namen – siehe gelber Teil
